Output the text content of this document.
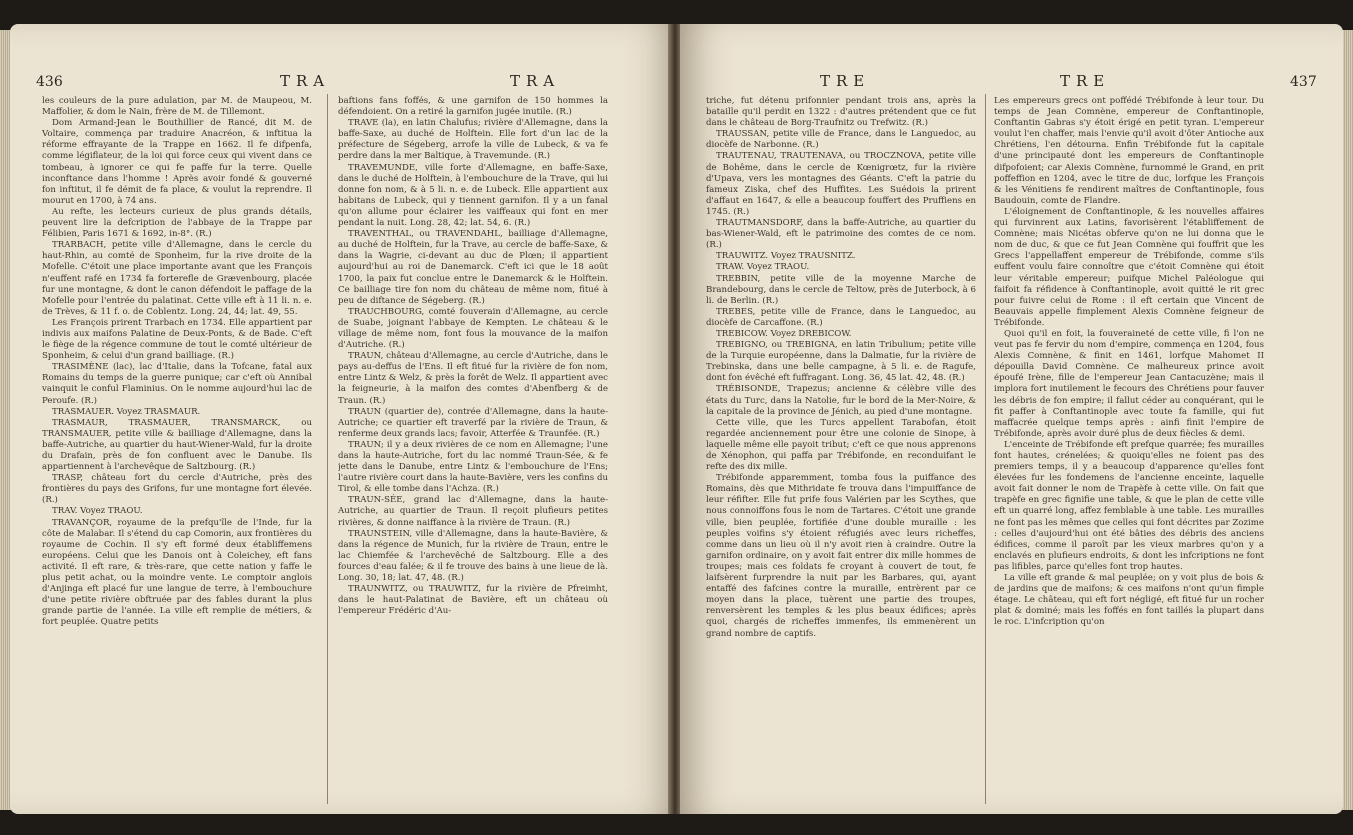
436	TRA	TRA

les couleurs de la pure adulation, par M. de Maupeou, M. Maffolier, & dom le Nain, frère de M. de Tillemont.

Dom Armand-Jean le Bouthillier de Rancé, dit M. de Voltaire, commença par traduire Anacréon, & inftitua la réforme effrayante de la Trappe en 1662. Il fe difpenfa, comme légiflateur, de la loi qui force ceux qui vivent dans ce tombeau, à ignorer ce qui fe paffe fur la terre. Quelle inconftance dans l'homme ! Après avoir fondé & gouverné fon inftitut, il fe démit de fa place, & voulut la reprendre. Il mourut en 1700, à 74 ans.

Au refte, les lecteurs curieux de plus grands détails, peuvent lire la defcription de l'abbaye de la Trappe par Félibien, Paris 1671 & 1692, in-8°. (R.)

TRARBACH, petite ville d'Allemagne, dans le cercle du haut-Rhin, au comté de Sponheim, fur la rive droite de la Mofelle. C'étoit une place importante avant que les François n'euffent rafé en 1734 fa forterefle de Grævenbourg, placée fur une montagne, & dont le canon défendoit le paffage de la Mofelle pour l'entrée du palatinat. Cette ville eft à 11 li. n. e. de Trèves, & 11 f. o. de Coblentz. Long. 24, 44; lat. 49, 55.

Les François prirent Trarbach en 1734. Elle appartient par indivis aux maifons Palatine de Deux-Ponts, & de Bade. C'eft le fiège de la régence commune de tout le comté ultérieur de Sponheim, & celui d'un grand bailliage. (R.)

TRASIMÈNE (lac), lac d'Italie, dans la Tofcane, fatal aux Romains du temps de la guerre punique; car c'eft où Annibal vainquit le conful Flaminius. On le nomme aujourd'hui lac de Peroufe. (R.)

TRASMAUER. Voyez TRASMAUR.

TRASMAUR, TRASMAUER, TRANSMARCK, ou TRANSMAUER, petite ville & bailliage d'Allemagne, dans la baffe-Autriche, au quartier du haut-Wiener-Wald, fur la droite du Drafain, près de fon confluent avec le Danube. Ils appartiennent à l'archevêque de Saltzbourg. (R.)

TRASP, château fort du cercle d'Autriche, près des frontières du pays des Grifons, fur une montagne fort élevée. (R.)

TRAV. Voyez TRAOU.

TRAVANÇOR, royaume de la prefqu'île de l'Inde, fur la côte de Malabar. Il s'étend du cap Comorin, aux frontières du royaume de Cochin. Il s'y eft formé deux établiffemens européens. Celui que les Danois ont à Coleichey, eft fans activité. Il eft rare, & très-rare, que cette nation y faffe le plus petit achat, ou la moindre vente. Le comptoir anglois d'Anjinga eft placé fur une langue de terre, à l'embouchure d'une petite rivière obftruée par des fables durant la plus grande partie de l'année. La ville eft remplie de métiers, & fort peuplée. Quatre petits

baftions fans foffés, & une garnifon de 150 hommes la défendoient. On a retiré la garnifon jugée inutile. (R.)

TRAVE (la), en latin Chalufus; rivière d'Allemagne, dans la baffe-Saxe, au duché de Holftein. Elle fort d'un lac de la préfecture de Ségeberg, arrofe la ville de Lubeck, & va fe perdre dans la mer Baltique, à Travemunde. (R.)

TRAVEMUNDE, ville forte d'Allemagne, en baffe-Saxe, dans le duché de Holftein, à l'embouchure de la Trave, qui lui donne fon nom, & à 5 li. n. e. de Lubeck. Elle appartient aux habitans de Lubeck, qui y tiennent garnifon. Il y a un fanal qu'on allume pour éclairer les vaiffeaux qui font en mer pendant la nuit. Long. 28, 42; lat. 54, 6. (R.)

TRAVENTHAL, ou TRAVENDAHL, bailliage d'Allemagne, au duché de Holftein, fur la Trave, au cercle de baffe-Saxe, & dans la Wagrie, ci-devant au duc de Plœn; il appartient aujourd'hui au roi de Danemarck. C'eft ici que le 18 août 1700, la paix fut conclue entre le Danemarck & le Holftein. Ce bailliage tire fon nom du château de même nom, fitué à peu de diftance de Ségeberg. (R.)

TRAUCHBOURG, comté fouverain d'Allemagne, au cercle de Suabe, joignant l'abbaye de Kempten. Le château & le village de même nom, font fous la mouvance de la maifon d'Autriche. (R.)

TRAUN, château d'Allemagne, au cercle d'Autriche, dans le pays au-deffus de l'Ens. Il eft fitué fur la rivière de fon nom, entre Lintz & Welz, & près la forêt de Welz. Il appartient avec la feigneurie, à la maifon des comtes d'Abenfberg & de Traun. (R.)

TRAUN (quartier de), contrée d'Allemagne, dans la haute-Autriche; ce quartier eft traverfé par la rivière de Traun, & renferme deux grands lacs; favoir, Atterfée & Traunfée. (R.)

TRAUN; il y a deux rivières de ce nom en Allemagne; l'une dans la haute-Autriche, fort du lac nommé Traun-Sée, & fe jette dans le Danube, entre Lintz & l'embouchure de l'Ens; l'autre rivière court dans la haute-Bavière, vers les confins du Tirol, & elle tombe dans l'Achza. (R.)

TRAUN-SÉE, grand lac d'Allemagne, dans la haute-Autriche, au quartier de Traun. Il reçoit plufieurs petites rivières, & donne naiffance à la rivière de Traun. (R.)

TRAUNSTEIN, ville d'Allemagne, dans la haute-Bavière, & dans la régence de Munich, fur la rivière de Traun, entre le lac Chiemfée & l'archevêché de Saltzbourg. Elle a des fources d'eau falée; & il fe trouve des bains à une lieue de là. Long. 30, 18; lat. 47, 48. (R.)

TRAUNWITZ, ou TRAUWITZ, fur la rivière de Pfreimht, dans le haut-Palatinat de Bavière, eft un château où l'empereur Frédéric d'Au-

TRE	TRE	437

triche, fut détenu prifonnier pendant trois ans, après la bataille qu'il perdit en 1322 : d'autres prétendent que ce fut dans le château de Borg-Traufnitz ou Trefwitz. (R.)

TRAUSSAN, petite ville de France, dans le Languedoc, au diocèfe de Narbonne. (R.)

TRAUTENAU, TRAUTENAVA, ou TROCZNOVA, petite ville de Bohême, dans le cercle de Kœnigrœtz, fur la rivière d'Upava, vers les montagnes des Géants. C'eft la patrie du fameux Ziska, chef des Huffites. Les Suédois la prirent d'affaut en 1647, & elle a beaucoup fouffert des Pruffiens en 1745. (R.)

TRAUTMANSDORF, dans la baffe-Autriche, au quartier du bas-Wiener-Wald, eft le patrimoine des comtes de ce nom. (R.)

TRAUWITZ. Voyez TRAUSNITZ.

TRAW. Voyez TRAOU.

TREBBIN, petite ville de la moyenne Marche de Brandebourg, dans le cercle de Teltow, près de Juterbock, à 6 li. de Berlin. (R.)

TREBES, petite ville de France, dans le Languedoc, au diocèfe de Carcaffone. (R.)

TREBICOW. Voyez DREBICOW.

TREBIGNO, ou TREBIGNA, en latin Tribulium; petite ville de la Turquie européenne, dans la Dalmatie, fur la rivière de Trebinska, dans une belle campagne, à 5 li. e. de Ragufe, dont fon évêché eft fuffragant. Long. 36, 45 lat. 42, 48. (R.)

TRÉBISONDE, Trapezus; ancienne & célèbre ville des états du Turc, dans la Natolie, fur le bord de la Mer-Noire, & la capitale de la province de Jénich, au pied d'une montagne.

Cette ville, que les Turcs appellent Tarabofan, étoit regardée anciennement pour être une colonie de Sinope, à laquelle même elle payoit tribut; c'eft ce que nous apprenons de Xénophon, qui paffa par Trébifonde, en reconduifant le refte des dix mille.

Trébifonde apparemment, tomba fous la puiffance des Romains, dès que Mithridate fe trouva dans l'impuiffance de leur réfifter. Elle fut prife fous Valérien par les Scythes, que nous connoiffons fous le nom de Tartares. C'étoit une grande ville, bien peuplée, fortifiée d'une double muraille : les peuples voifins s'y étoient réfugiés avec leurs richeffes, comme dans un lieu où il n'y avoit rien à craindre. Outre la garnifon ordinaire, on y avoit fait entrer dix mille hommes de troupes; mais ces foldats fe croyant à couvert de tout, fe laifsèrent furprendre la nuit par les Barbares, qui, ayant entaffé des fafcines contre la muraille, entrèrent par ce moyen dans la place, tuèrent une partie des troupes, renversèrent les temples & les plus beaux édifices; après quoi, chargés de richeffes immenfes, ils emmenèrent un grand nombre de captifs.

Les empereurs grecs ont poffédé Trébifonde à leur tour. Du temps de Jean Comnène, empereur de Conftantinople, Conftantin Gabras s'y étoit érigé en petit tyran. L'empereur voulut l'en chaffer, mais l'envie qu'il avoit d'ôter Antioche aux Chrétiens, l'en détourna. Enfin Trébifonde fut la capitale d'une principauté dont les empereurs de Conftantinople difpofoient; car Alexis Comnène, furnommé le Grand, en prit poffeffion en 1204, avec le titre de duc, lorfque les François & les Vénitiens fe rendirent maîtres de Conftantinople, fous Baudouin, comte de Flandre.

L'éloignement de Conftantinople, & les nouvelles affaires qui furvinrent aux Latins, favorisèrent l'établiffement de Comnène; mais Nicétas obferve qu'on ne lui donna que le nom de duc, & que ce fut Jean Comnène qui fouffrit que les Grecs l'appellaffent empereur de Trébifonde, comme s'ils euffent voulu faire connoître que c'étoit Comnène qui étoit leur véritable empereur; puifque Michel Paléologue qui faifoit fa réfidence à Conftantinople, avoit quitté le rit grec pour fuivre celui de Rome : il eft certain que Vincent de Beauvais appelle fimplement Alexis Comnène feigneur de Trébifonde.

Quoi qu'il en foit, la fouveraineté de cette ville, fi l'on ne veut pas fe fervir du nom d'empire, commença en 1204, fous Alexis Comnène, & finit en 1461, lorfque Mahomet II dépouilla David Comnène. Ce malheureux prince avoit époufé Irène, fille de l'empereur Jean Cantacuzène; mais il implora fort inutilement le fecours des Chrétiens pour fauver les débris de fon empire; il fallut céder au conquérant, qui le fit paffer à Conftantinople avec toute fa famille, qui fut maffacrée quelque temps après : ainfi finit l'empire de Trébifonde, après avoir duré plus de deux fiècles & demi.

L'enceinte de Trébifonde eft prefque quarrée; fes murailles font hautes, crénelées; & quoiqu'elles ne foient pas des premiers temps, il y a beaucoup d'apparence qu'elles font élevées fur les fondemens de l'ancienne enceinte, laquelle avoit fait donner le nom de Trapèfe à cette ville. On fait que trapèfe en grec fignifie une table, & que le plan de cette ville eft un quarré long, affez femblable à une table. Les murailles ne font pas les mêmes que celles qui font décrites par Zozime : celles d'aujourd'hui ont été bâties des débris des anciens édifices, comme il paroît par les vieux marbres qu'on y a enclavés en plufieurs endroits, & dont les infcriptions ne font pas lifibles, parce qu'elles font trop hautes.

La ville eft grande & mal peuplée; on y voit plus de bois & de jardins que de maifons; & ces maifons n'ont qu'un fimple étage. Le château, qui eft fort négligé, eft fitué fur un rocher plat & dominé; mais les foffés en font taillés la plupart dans le roc. L'infcription qu'on
